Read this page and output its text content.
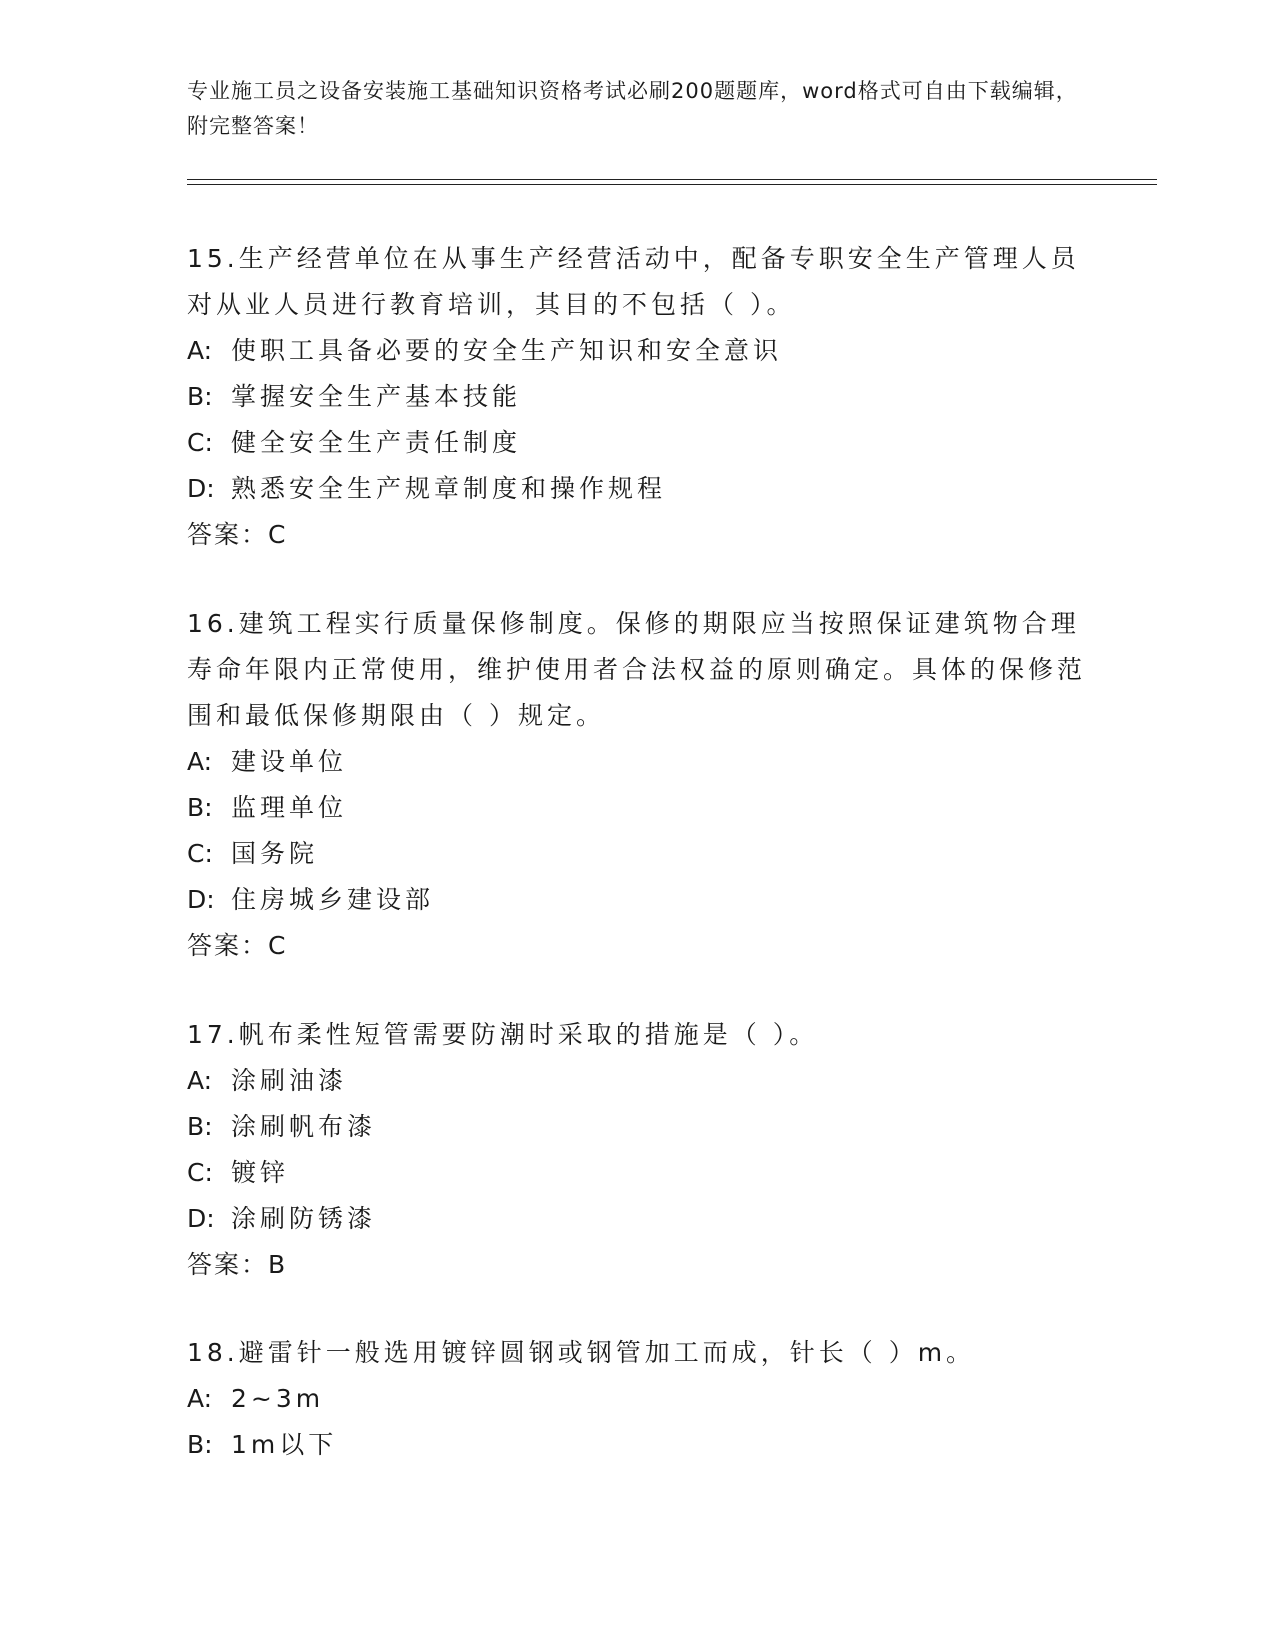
专业施工员之设备安装施工基础知识资格考试必刷200题题库，word格式可自由下载编辑，附完整答案！

15.生产经营单位在从事生产经营活动中，配备专职安全生产管理人员对从业人员进行教育培训，其目的不包括（ ）。

A: 使职工具备必要的安全生产知识和安全意识

B: 掌握安全生产基本技能

C: 健全安全生产责任制度

D: 熟悉安全生产规章制度和操作规程

答案：C

16.建筑工程实行质量保修制度。保修的期限应当按照保证建筑物合理寿命年限内正常使用，维护使用者合法权益的原则确定。具体的保修范围和最低保修期限由（ ）规定。

A: 建设单位

B: 监理单位

C: 国务院

D: 住房城乡建设部

答案：C

17.帆布柔性短管需要防潮时采取的措施是（ ）。

A: 涂刷油漆

B: 涂刷帆布漆

C: 镀锌

D: 涂刷防锈漆

答案：B

18.避雷针一般选用镀锌圆钢或钢管加工而成，针长（ ）m。

A: 2~3m

B: 1m以下
